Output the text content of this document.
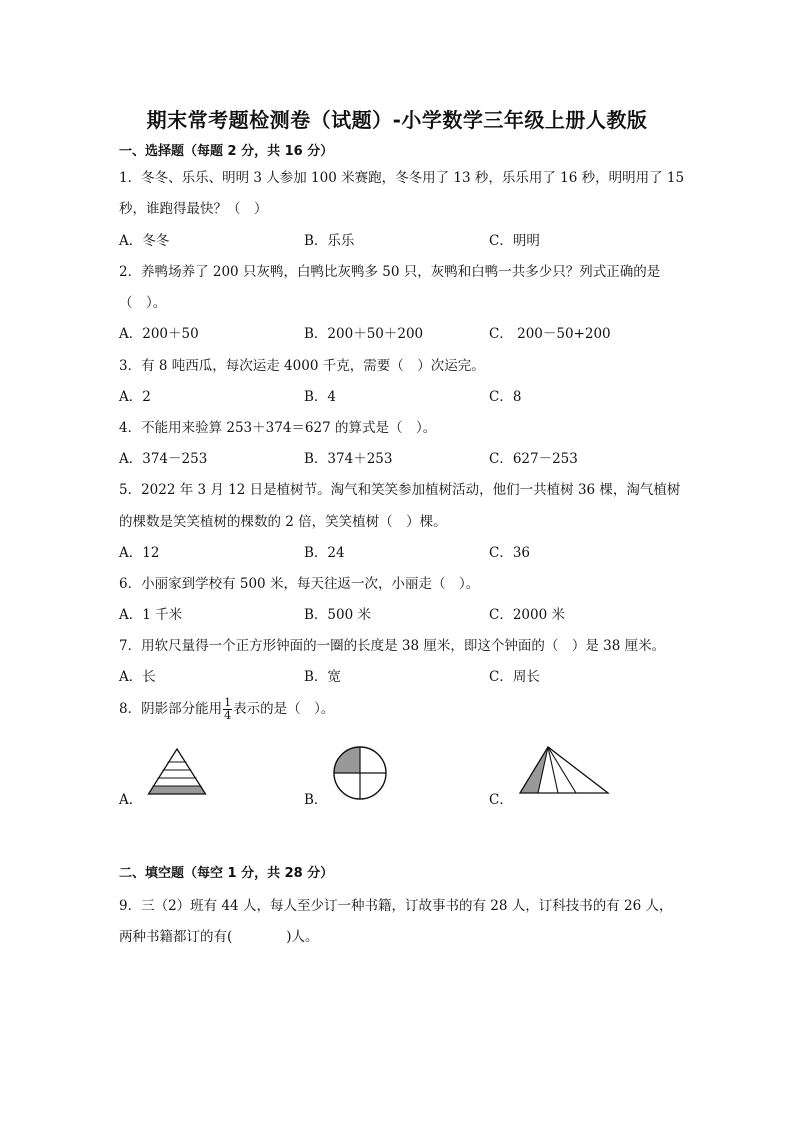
期末常考题检测卷（试题）-小学数学三年级上册人教版
一、选择题（每题 2 分，共 16 分）
1．冬冬、乐乐、明明 3 人参加 100 米赛跑，冬冬用了 13 秒，乐乐用了 16 秒，明明用了 15
秒，谁跑得最快？（　）
A．冬冬	B．乐乐	C．明明
2．养鸭场养了 200 只灰鸭，白鸭比灰鸭多 50 只，灰鸭和白鸭一共多少只？列式正确的是
（　）。
A．200＋50	B．200＋50＋200	C． 200－50+200
3．有 8 吨西瓜，每次运走 4000 千克，需要（　）次运完。
A．2	B．4	C．8
4．不能用来验算 253＋374＝627 的算式是（　）。
A．374－253	B．374＋253	C．627－253
5．2022 年 3 月 12 日是植树节。淘气和笑笑参加植树活动，他们一共植树 36 棵，淘气植树
的棵数是笑笑植树的棵数的 2 倍，笑笑植树（　）棵。
A．12	B．24	C．36
6．小丽家到学校有 500 米，每天往返一次，小丽走（　）。
A．1 千米	B．500 米	C．2000 米
7．用软尺量得一个正方形钟面的一圈的长度是 38 厘米，即这个钟面的（　）是 38 厘米。
A．长	B．宽	C．周长
8．阴影部分能用 $\frac{1}{4}$ 表示的是（　）。
A．	B．	C．
二、填空题（每空 1 分，共 28 分）
9．三（2）班有 44 人，每人至少订一种书籍，订故事书的有 28 人，订科技书的有 26 人，
两种书籍都订的有(　　　　)人。
